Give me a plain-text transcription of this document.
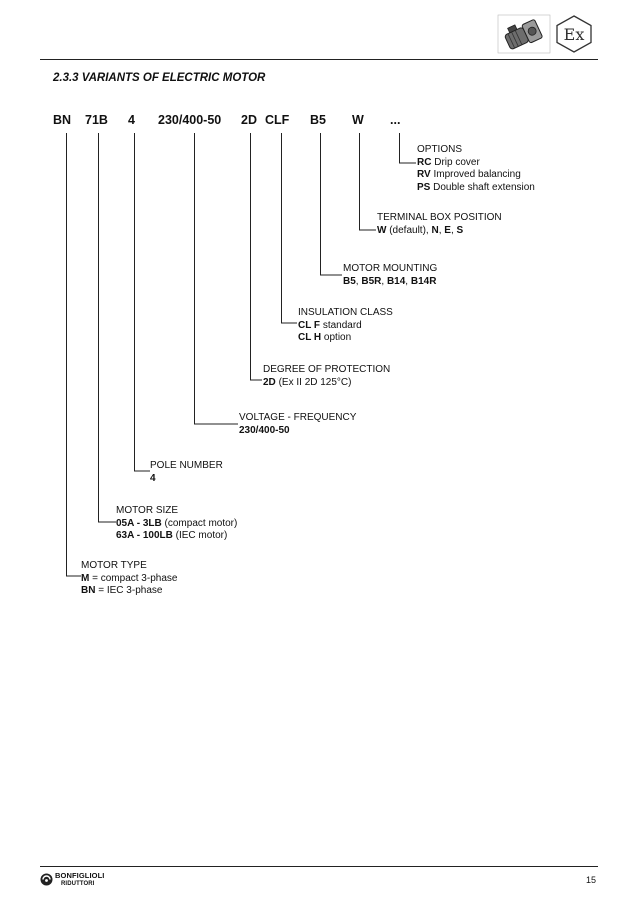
Ex
2.3.3 VARIANTS OF ELECTRIC MOTOR
BN 71B 4 230/400-50 2D CLF B5 W ...
OPTIONS
RC Drip cover
RV Improved balancing
PS Double shaft extension
TERMINAL BOX POSITION
W (default), N, E, S
MOTOR MOUNTING
B5, B5R, B14, B14R
INSULATION CLASS
CL F standard
CL H option
DEGREE OF PROTECTION
2D (Ex II 2D 125°C)
VOLTAGE - FREQUENCY
230/400-50
POLE NUMBER
4
MOTOR SIZE
05A - 3LB (compact motor)
63A - 100LB (IEC motor)
MOTOR TYPE
M = compact 3-phase
BN = IEC 3-phase
BONFIGLIOLI
RIDUTTORI	15
